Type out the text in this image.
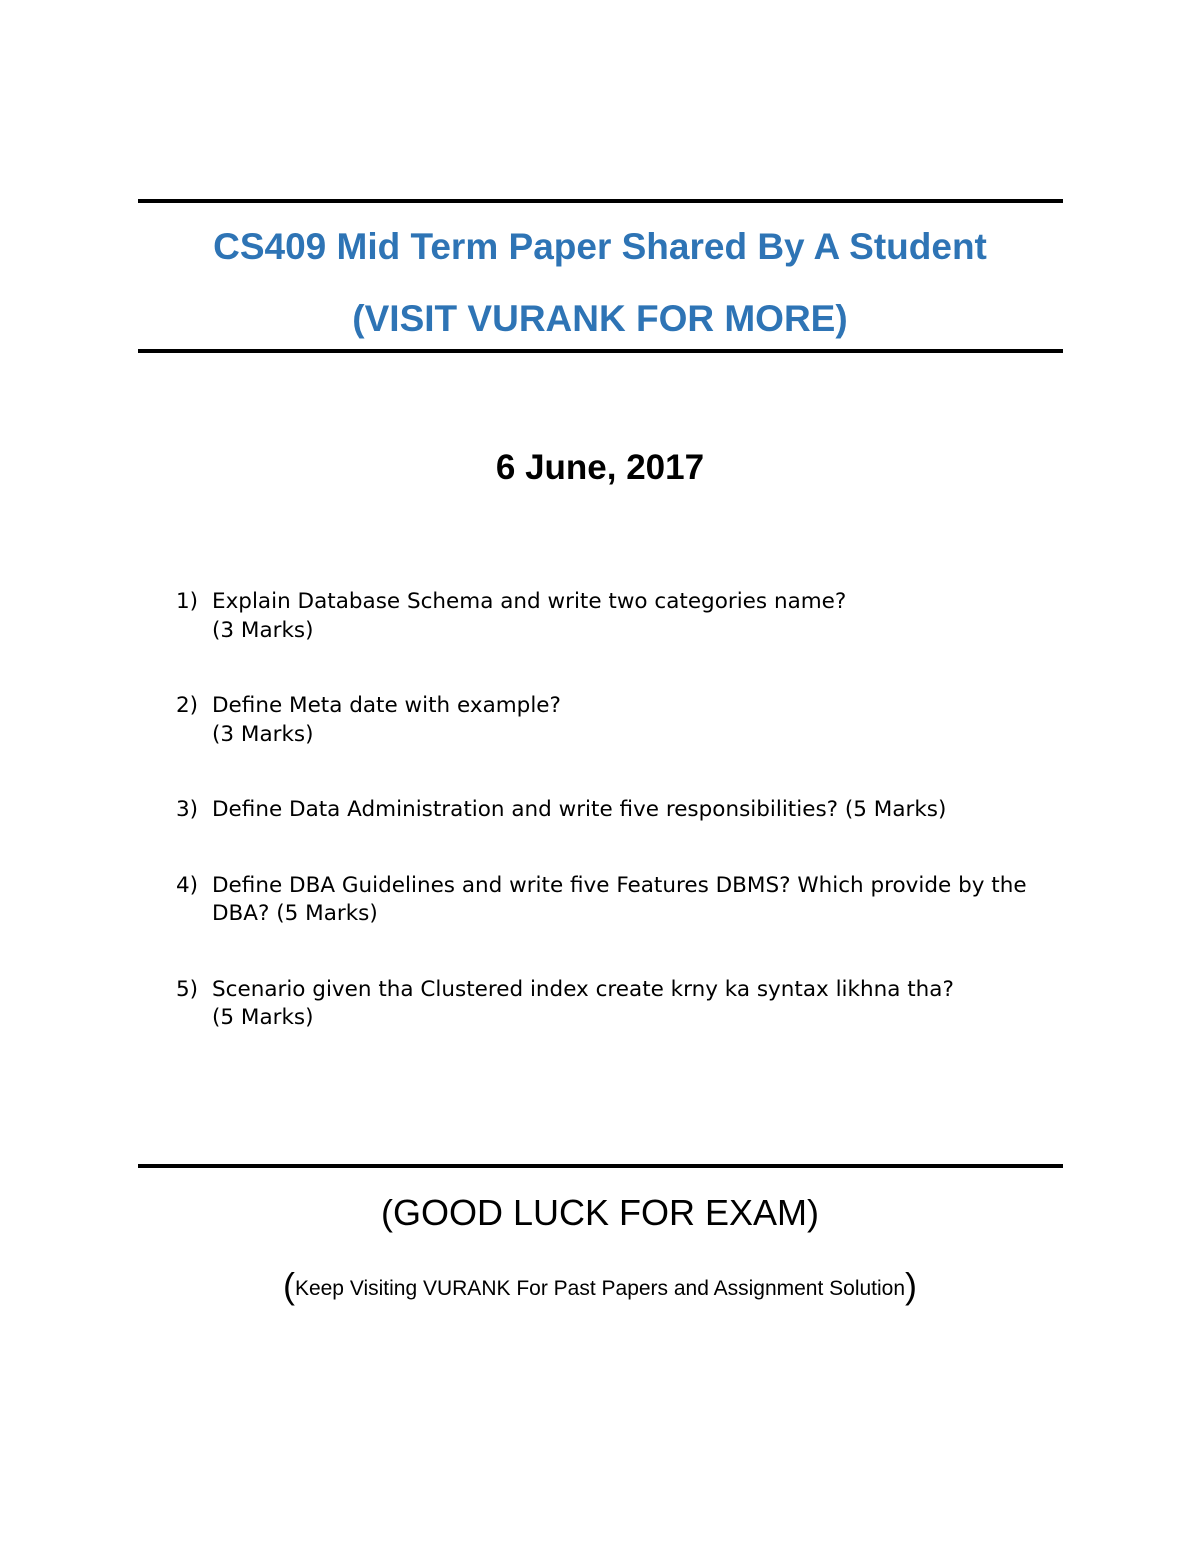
CS409 Mid Term Paper Shared By A Student
(VISIT VURANK FOR MORE)
6 June, 2017
1) Explain Database Schema and write two categories name?
(3 Marks)
2) Define Meta date with example?
(3 Marks)
3) Define Data Administration and write five responsibilities? (5 Marks)
4) Define DBA Guidelines and write five Features DBMS? Which provide by the DBA? (5 Marks)
5) Scenario given tha Clustered index create krny ka syntax likhna tha?
(5 Marks)
(GOOD LUCK FOR EXAM)
(Keep Visiting VURANK For Past Papers and Assignment Solution)
